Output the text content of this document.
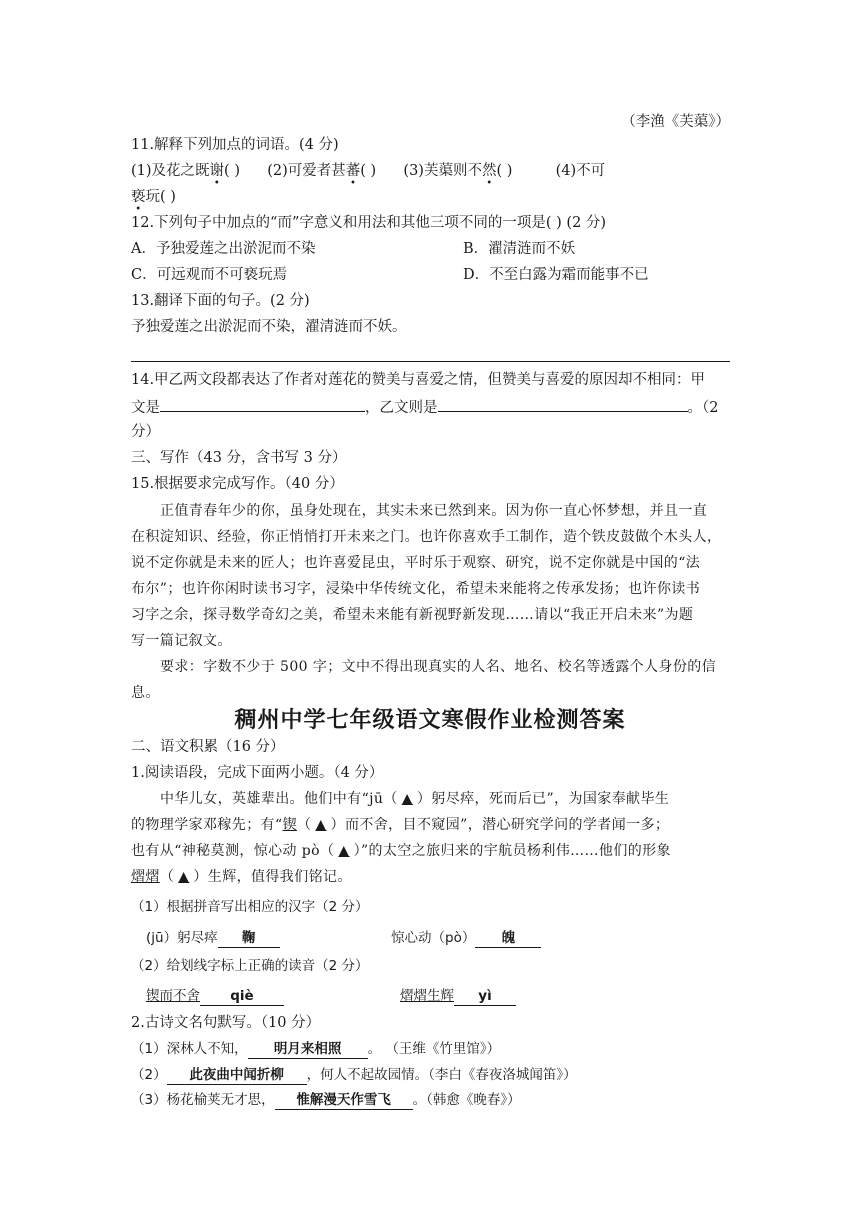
（李渔《芙蕖》）
11.解释下列加点的词语。(4 分)
(1)及花之既谢( ) (2)可爱者甚蕃( ) (3)芙蕖则不然( )	(4)不可
亵玩( )
12.下列句子中加点的“而”字意义和用法和其他三项不同的一项是( ) (2 分)
A．予独爱莲之出淤泥而不染	B．濯清涟而不妖
C．可远观而不可亵玩焉	D．不至白露为霜而能事不已
13.翻译下面的句子。(2 分)
予独爱莲之出淤泥而不染，濯清涟而不妖。
14.甲乙两文段都表达了作者对莲花的赞美与喜爱之情，但赞美与喜爱的原因却不相同：甲
文是	，乙文则是	。（2
分）
三、写作（43 分，含书写 3 分）
15.根据要求完成写作。（40 分）
正值青春年少的你，虽身处现在，其实未来已然到来。因为你一直心怀梦想，并且一直
在积淀知识、经验，你正悄悄打开未来之门。也许你喜欢手工制作，造个铁皮鼓做个木头人，
说不定你就是未来的匠人；也许喜爱昆虫，平时乐于观察、研究，说不定你就是中国的“法
布尔”；也许你闲时读书习字，浸染中华传统文化，希望未来能将之传承发扬；也许你读书
习字之余，探寻数学奇幻之美，希望未来能有新视野新发现……请以“我正开启未来”为题
写一篇记叙文。
要求：字数不少于 500 字；文中不得出现真实的人名、地名、校名等透露个人身份的信
息。
稠州中学七年级语文寒假作业检测答案
二、语文积累（16 分）
1.阅读语段，完成下面两小题。（4 分）
中华儿女，英雄辈出。他们中有“jū（ ▲ ）躬尽瘁，死而后已”，为国家奉献毕生
的物理学家邓稼先；有“锲（ ▲ ）而不舍，目不窥园”，潜心研究学问的学者闻一多；
也有从“神秘莫测，惊心动 pò（ ▲ ）”的太空之旅归来的宇航员杨利伟……他们的形象
熠熠（ ▲ ）生辉，值得我们铭记。
（1）根据拼音写出相应的汉字（2 分）
(jū）躬尽瘁 鞠	惊心动（pò） 魄
（2）给划线字标上正确的读音（2 分）
锲而不舍 qiè	熠熠生辉 yì
2.古诗文名句默写。（10 分）
（1）深林人不知， 明月来相照 。 （王维《竹里馆》）
（2） 此夜曲中闻折柳 ，何人不起故园情。（李白《春夜洛城闻笛》）
（3）杨花榆荚无才思， 惟解漫天作雪飞 。（韩愈《晚春》）
